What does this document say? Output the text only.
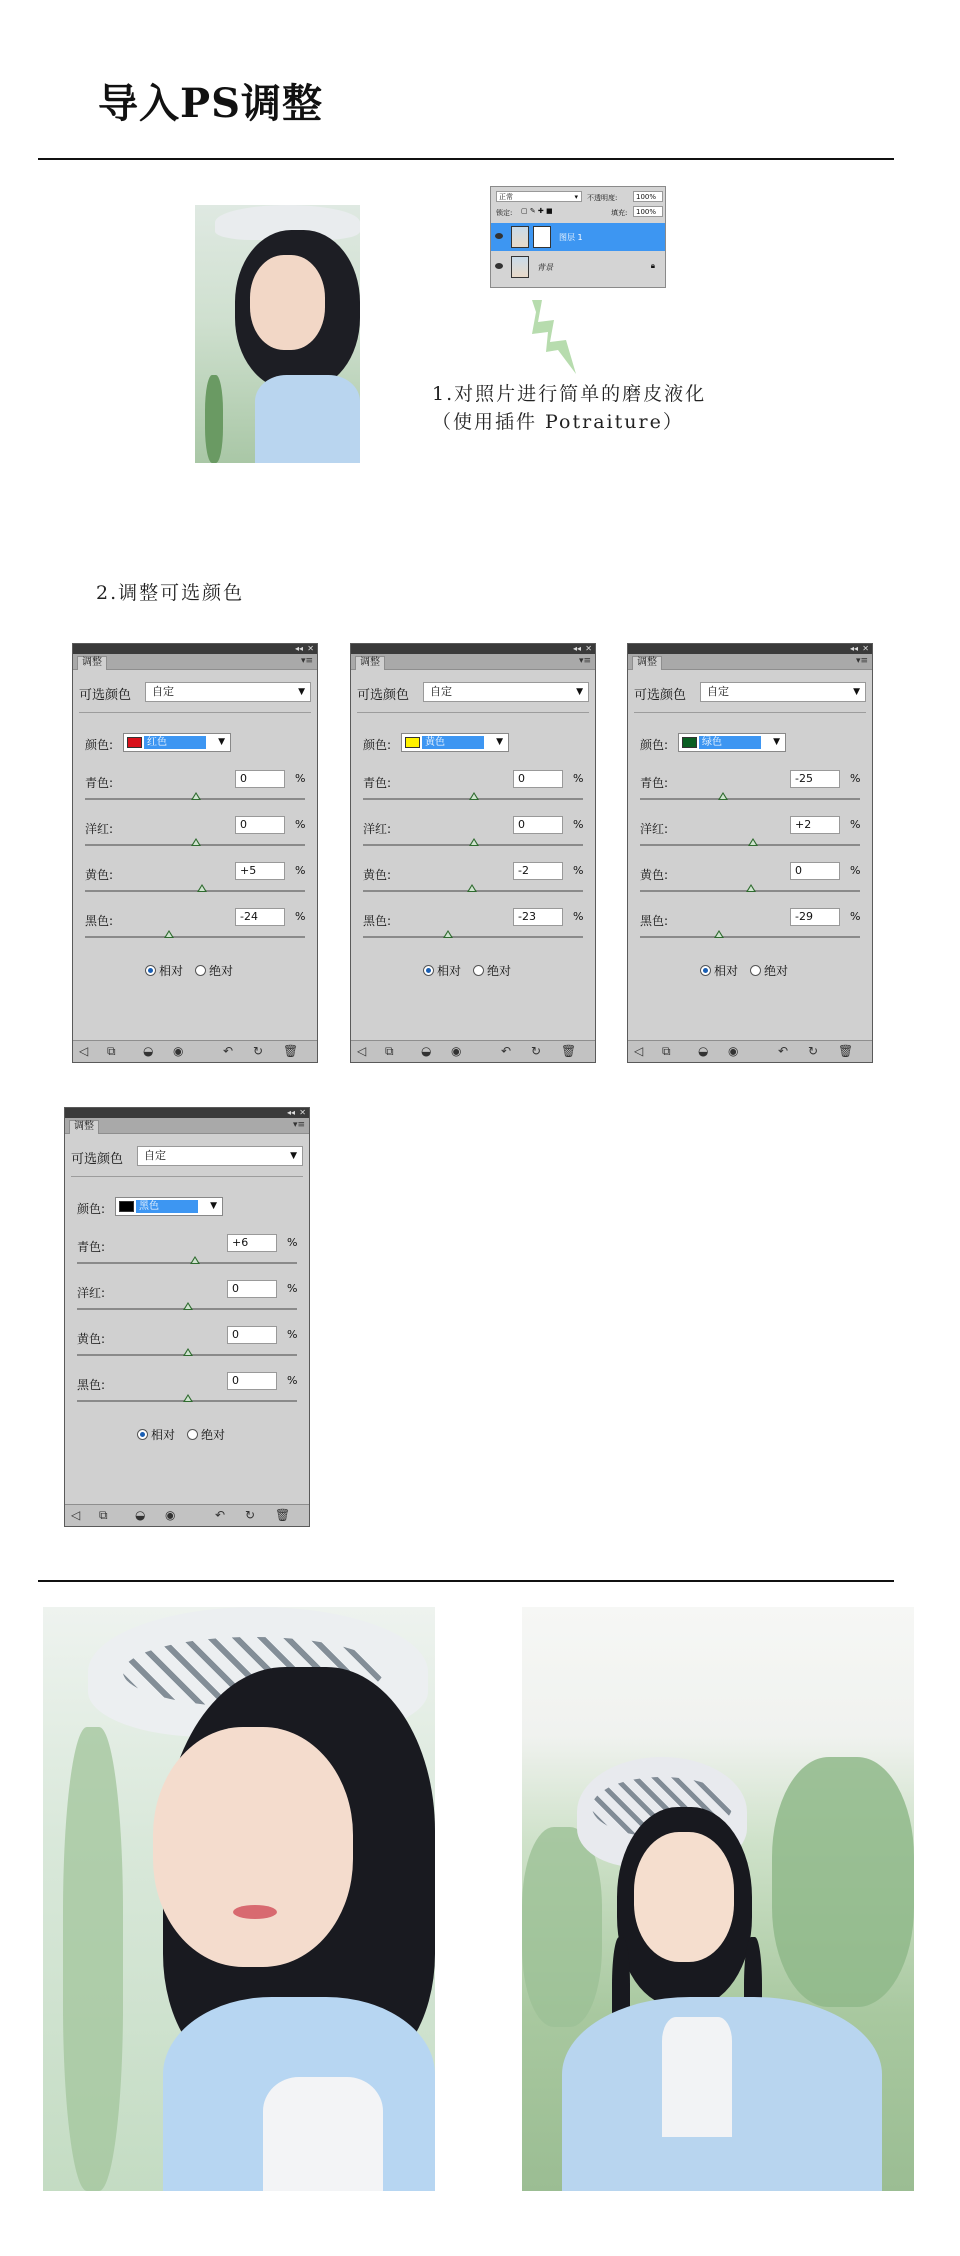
导入PS调整
正常	▾ 不透明度:	100%
锁定: ▢ ✎ ✚ ■	填充:	100%
图层 1
背景	🔒︎
1.对照片进行简单的磨皮液化
（使用插件 Potraiture）
2.调整可选颜色
◂◂ ✕
调整	▾≡
可选颜色	自定	▼
颜色:	红色	▼
青色:	0	%
洋红:	0	%
黄色:	+5	%
黑色:	-24	%
相对 绝对
◁ ⧉ ◒ ◉	↶ ↻ 🗑︎
◂◂ ✕
调整	▾≡
可选颜色	自定	▼
颜色:	黄色	▼
青色:	0	%
洋红:	0	%
黄色:	-2	%
黑色:	-23	%
相对 绝对
◁ ⧉ ◒ ◉	↶ ↻ 🗑︎
◂◂ ✕
调整	▾≡
可选颜色	自定	▼
颜色:	绿色	▼
青色:	-25	%
洋红:	+2	%
黄色:	0	%
黑色:	-29	%
相对 绝对
◁ ⧉ ◒ ◉	↶ ↻ 🗑︎
◂◂ ✕
调整	▾≡
可选颜色	自定	▼
颜色:	黑色	▼
青色:	+6	%
洋红:	0	%
黄色:	0	%
黑色:	0	%
相对 绝对
◁ ⧉ ◒ ◉	↶ ↻ 🗑︎
